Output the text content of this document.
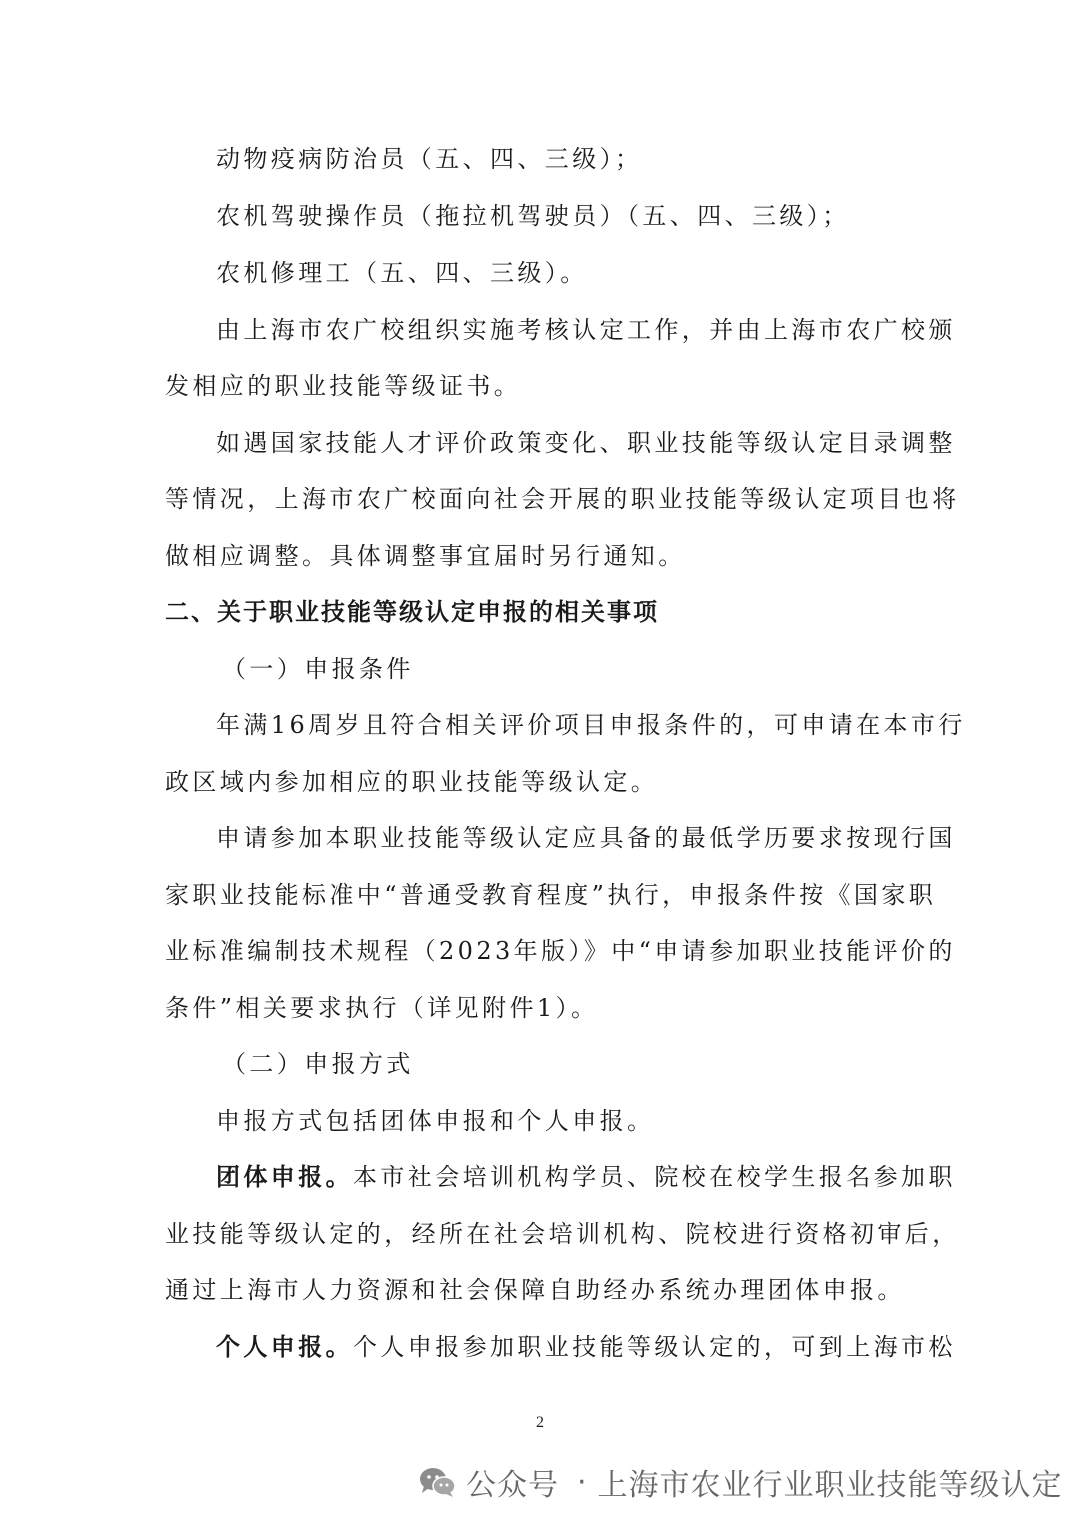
动物疫病防治员（五、四、三级）；
农机驾驶操作员（拖拉机驾驶员）（五、四、三级）；
农机修理工（五、四、三级）。
由上海市农广校组织实施考核认定工作，并由上海市农广校颁
发相应的职业技能等级证书。
如遇国家技能人才评价政策变化、职业技能等级认定目录调整
等情况，上海市农广校面向社会开展的职业技能等级认定项目也将
做相应调整。具体调整事宜届时另行通知。
二、关于职业技能等级认定申报的相关事项
（一）申报条件
年满16周岁且符合相关评价项目申报条件的，可申请在本市行
政区域内参加相应的职业技能等级认定。
申请参加本职业技能等级认定应具备的最低学历要求按现行国
家职业技能标准中“普通受教育程度”执行，申报条件按《国家职
业标准编制技术规程（2023年版）》中“申请参加职业技能评价的
条件”相关要求执行（详见附件1）。
（二）申报方式
申报方式包括团体申报和个人申报。
团体申报。本市社会培训机构学员、院校在校学生报名参加职
业技能等级认定的，经所在社会培训机构、院校进行资格初审后，
通过上海市人力资源和社会保障自助经办系统办理团体申报。
个人申报。个人申报参加职业技能等级认定的，可到上海市松
2
公众号 · 上海市农业行业职业技能等级认定
